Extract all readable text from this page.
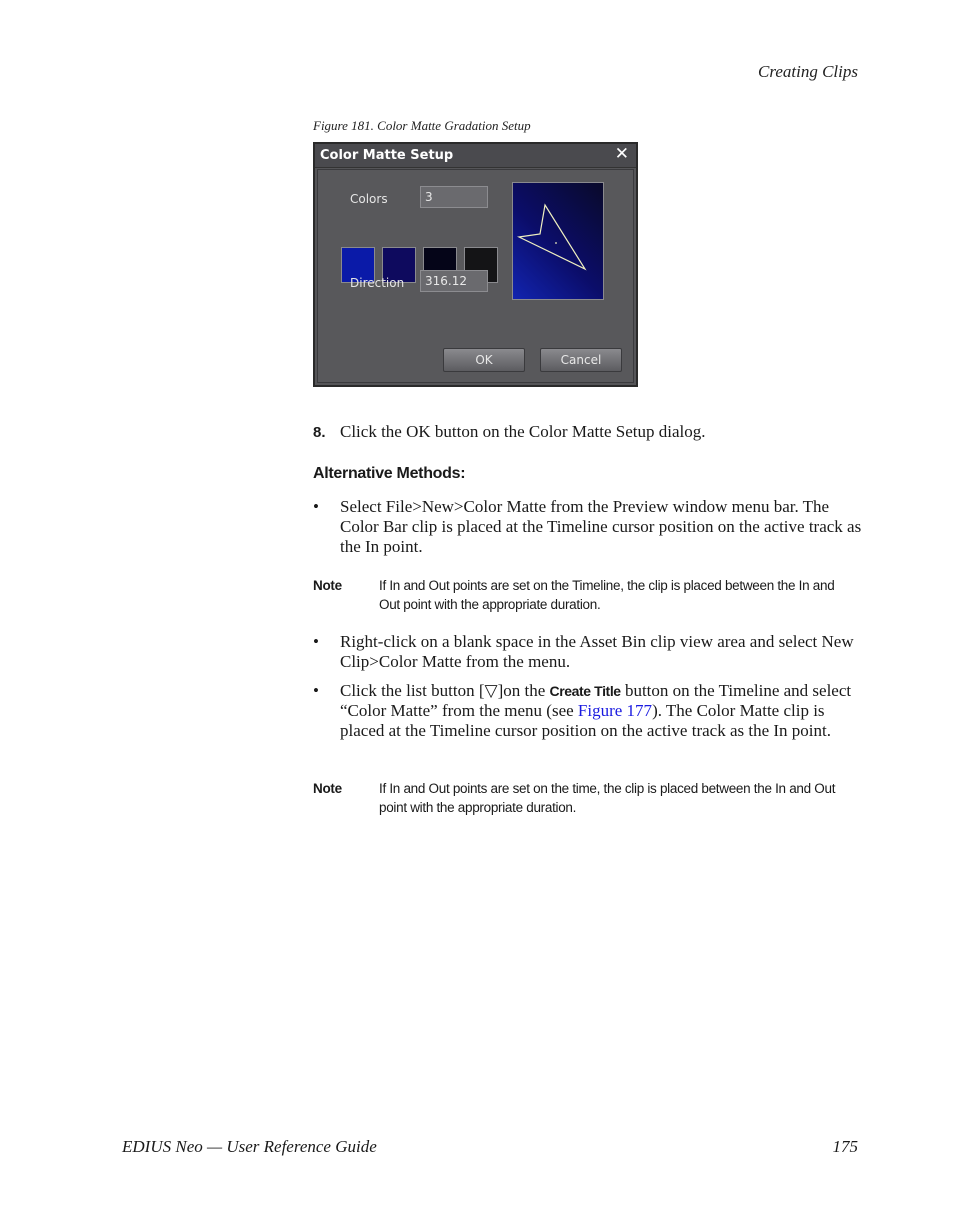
Creating Clips
Figure 181. Color Matte Gradation Setup
Color Matte Setup	✕
Colors
3
Direction
316.12
OK	Cancel
8. Click the OK button on the Color Matte Setup dialog.
Alternative Methods:
• Select File>New>Color Matte from the Preview window menu bar. The Color Bar clip is placed at the Timeline cursor position on the active track as the In point.
Note	If In and Out points are set on the Timeline, the clip is placed between the In and Out point with the appropriate duration.
• Right-click on a blank space in the Asset Bin clip view area and select New Clip>Color Matte from the menu.
• Click the list button [▽]on the Create Title button on the Timeline and select “Color Matte” from the menu (see Figure 177). The Color Matte clip is placed at the Timeline cursor position on the active track as the In point.
Note	If In and Out points are set on the time, the clip is placed between the In and Out point with the appropriate duration.
EDIUS Neo — User Reference Guide	175
